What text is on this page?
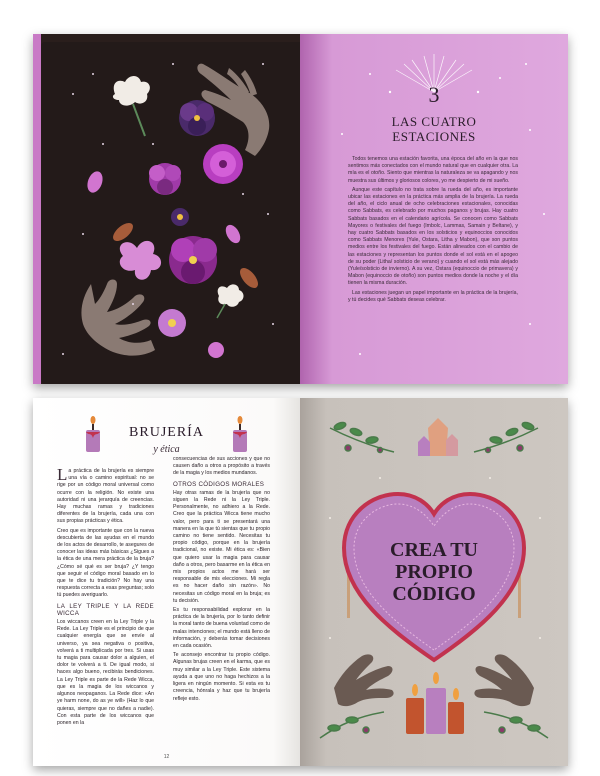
3
LAS CUATRO
ESTACIONES

Todos tenemos una estación favorita, una época del año en la que nos sentimos más conectados con el mundo natural que en cualquier otra. La mía es el otoño. Siento que mientras la naturaleza se va apagando y nos muestra sus últimos y gloriosos colores, yo me despierto de mi sueño.

Aunque este capítulo no trata sobre la rueda del año, es importante ubicar las estaciones en la práctica más amplia de la brujería. La rueda del año, el ciclo anual de ocho celebraciones estacionales, conocidas como Sabbats, es celebrado por muchos paganos y brujas. Hay cuatro Sabbats basados en el calendario agrícola. Se conocen como Sabbats Mayores o festivales del fuego (Imbolc, Lammas, Samain y Beltane), y hay cuatro Sabbats basados en los solsticios y equinoccios conocidos como Sabbats Menores (Yule, Ostara, Litha y Mabon), que son puntos medios entre los festivales del fuego. Están alineados con el cambio de las estaciones y representan los puntos donde el sol está en el apogeo de su poder (Litha/ solsticio de verano) y cuando el sol está más alejado (Yule/solsticio de invierno). A su vez, Ostara (equinoccio de primavera) y Mabon (equinoccio de otoño) son puntos medios donde la noche y el día tienen la misma duración.

Las estaciones juegan un papel importante en la práctica de la brujería, y tú decides qué Sabbats deseas celebrar.

BRUJERÍA
y ética

La práctica de la brujería es siempre una vía o camino espiritual: no se rige por un código moral universal como ocurre con la religión. No existe una autoridad ni una jerarquía de creencias. Hay muchas ramas y tradiciones diferentes de la brujería, cada una con sus propias prácticas y ética.

Creo que es importante que con la nueva descubierta de las ayudas en el mundo de los actos de desarrollo, te asegures de conocer las ideas más básicas ¿Sigues a la ética de una mera práctica de la bruja? ¿Cómo sé qué es ser bruja? ¿Y tengo que seguir el código moral basado en lo que te dice tu tradición? No hay una respuesta correcta a esas preguntas; solo tú puedes averiguarlo.

LA LEY TRIPLE Y LA REDE WICCA

Los wiccanos creen en la Ley Triple y la Rede. La Ley Triple es el principio de que cualquier energía que se envíe al universo, ya sea negativa o positiva, volverá a ti multiplicada por tres. Si usas tu magia para causar dolor a alguien, el dolor te volverá a ti. De igual modo, si haces algo bueno, recibirás bendiciones. La Ley Triple es parte de la Rede Wicca, que es la magia de los wiccanos y algunos neopaganos. La Rede dice: «An ye harm none, do as ye will» (Haz lo que quieras, siempre que no dañes a nadie). Con esta parte de los wiccanos que ponen en la

consecuencias de sus acciones y que no causen daño a otros a propósito a través de la magia y los medios mundanos.

OTROS CÓDIGOS MORALES

Hay otras ramas de la brujería que no siguen la Rede ni la Ley Triple. Personalmente, no adhiero a la Rede. Creo que la práctica Wicca tiene mucho valor, pero para ti se presentará una manera en la que tú sientas que tu propio camino no tiene sentido. Necesitas tu propio código, porque en la brujería tradicional, no existe. Mi ética es: «Bien que quiero usar la magia para causar daño a otros, pero basarme en la ética en mis propios actos me hará ser responsable de mis elecciones. Mi regla es no hacer daño sin razón». No necesitas un código moral en la bruja; es tu decisión.

Es tu responsabilidad explorar en la práctica de la brujería, por lo tanto definir la moral tanto de buena voluntad como de malas intenciones; el mundo está lleno de información, y deberás tomar decisiones en cada ocasión.

Te aconsejo encontrar tu propio código. Algunas brujas creen en el karma, que es muy similar a la Ley Triple. Este sistema ayuda a que uno no haga hechizos a la ligera en ningún momento. Si esta es tu creencia, hónrala y haz que tu brujería refleje esto.

12
CREA TU
PROPIO
CÓDIGO
